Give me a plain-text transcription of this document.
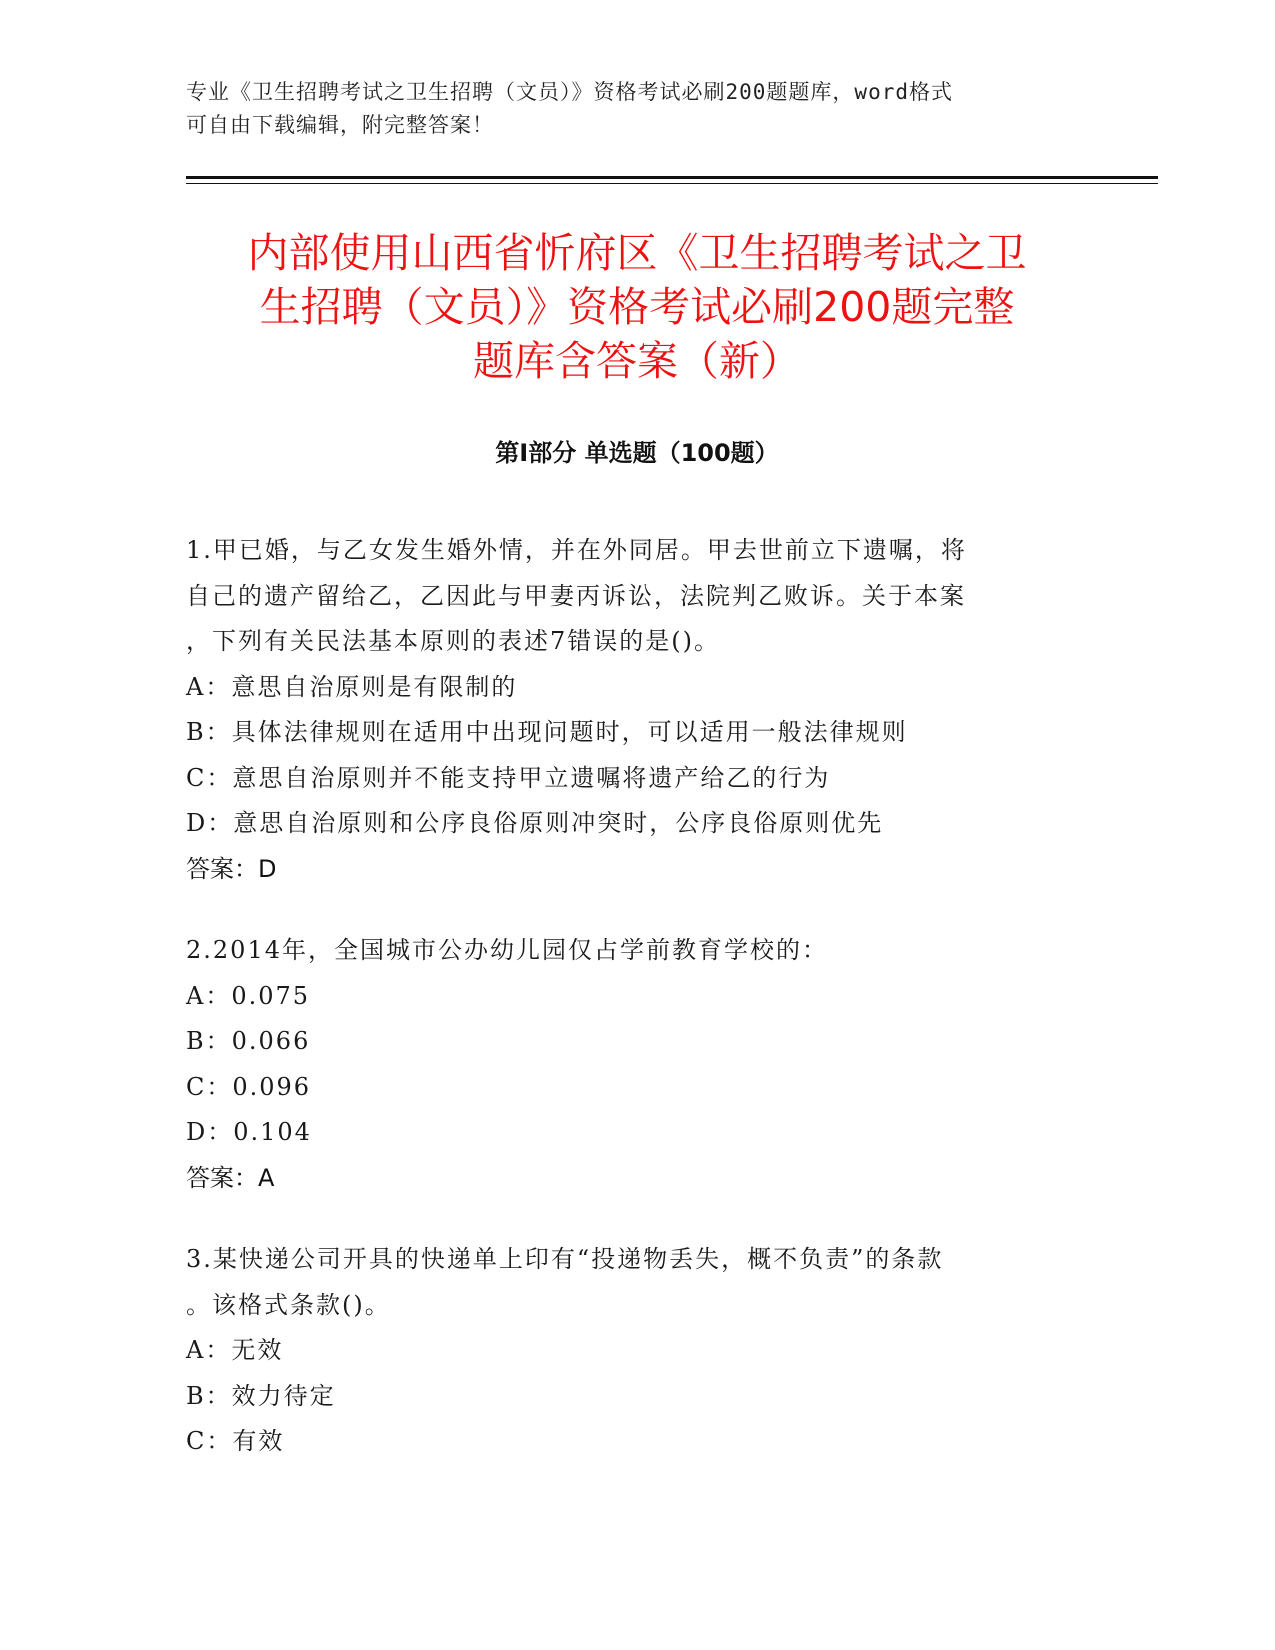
专业《卫生招聘考试之卫生招聘（文员）》资格考试必刷200题题库，word格式
可自由下载编辑，附完整答案！
内部使用山西省忻府区《卫生招聘考试之卫
生招聘（文员）》资格考试必刷200题完整
题库含答案（新）
第Ⅰ部分 单选题（100题）
1.甲已婚，与乙女发生婚外情，并在外同居。甲去世前立下遗嘱，将
自己的遗产留给乙，乙因此与甲妻丙诉讼，法院判乙败诉。关于本案
，下列有关民法基本原则的表述7错误的是()。
A：意思自治原则是有限制的
B：具体法律规则在适用中出现问题时，可以适用一般法律规则
C：意思自治原则并不能支持甲立遗嘱将遗产给乙的行为
D：意思自治原则和公序良俗原则冲突时，公序良俗原则优先
答案：D
2.2014年，全国城市公办幼儿园仅占学前教育学校的：
A：0.075
B：0.066
C：0.096
D：0.104
答案：A
3.某快递公司开具的快递单上印有“投递物丢失，概不负责”的条款
。该格式条款()。
A：无效
B：效力待定
C：有效
